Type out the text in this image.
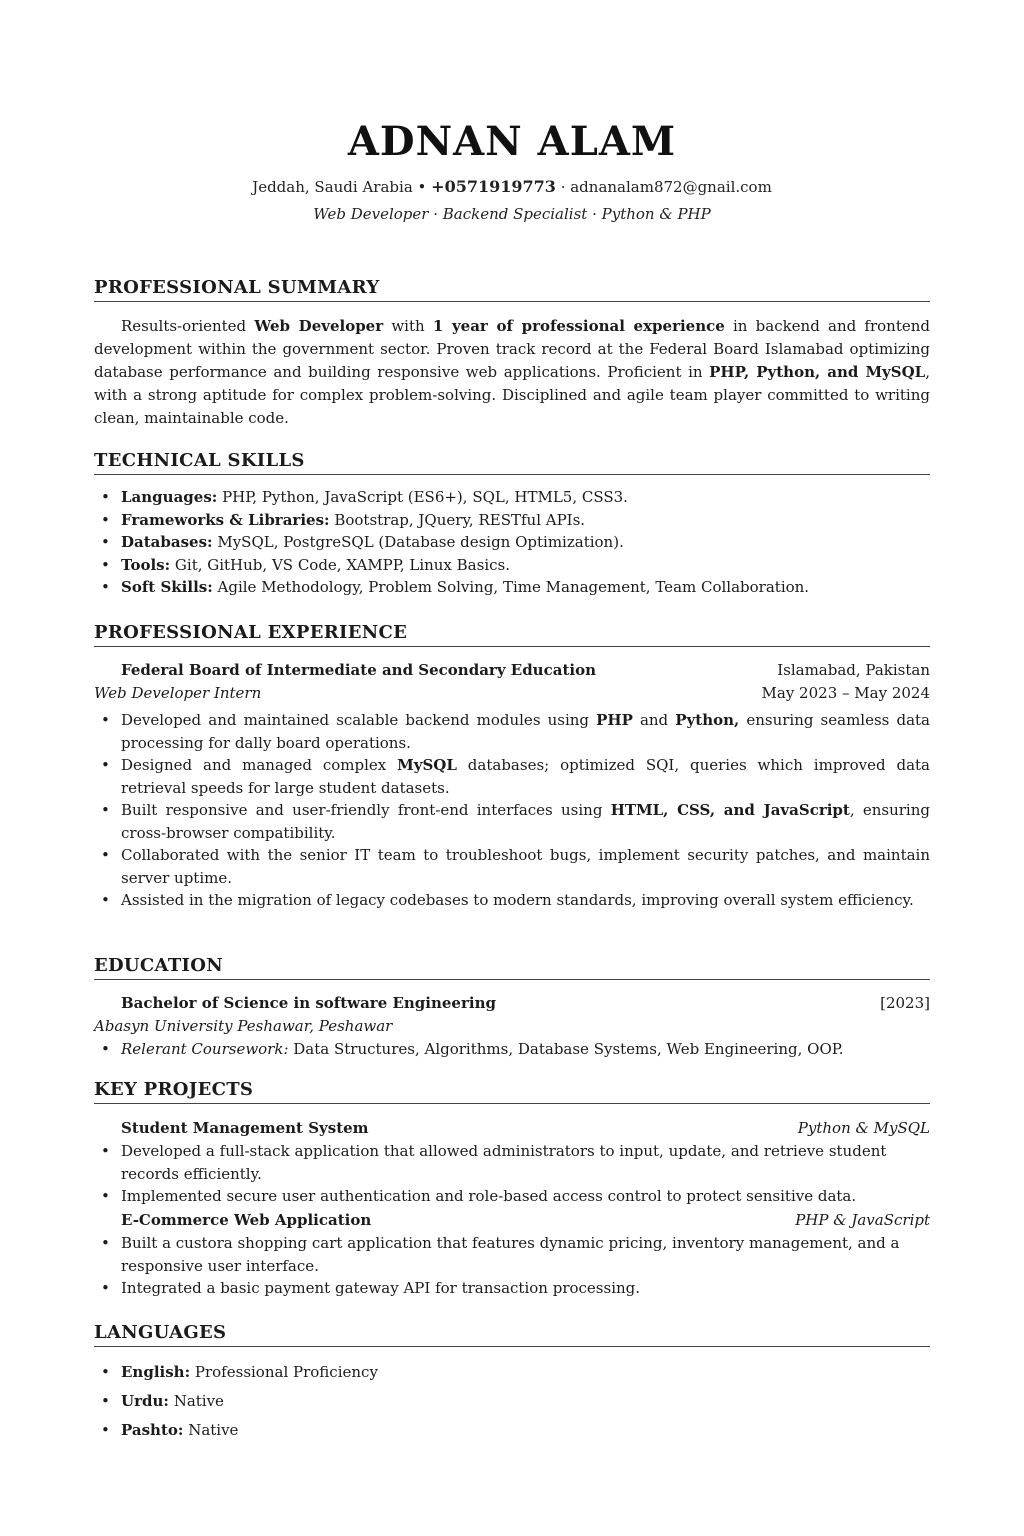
ADNAN ALAM
Jeddah, Saudi Arabia • +0571919773 · adnanalam872@gnail.com
Web Developer · Backend Specialist · Python & PHP
PROFESSIONAL SUMMARY
Results-oriented Web Developer with 1 year of professional experience in backend and frontend development within the government sector. Proven track record at the Federal Board Islamabad optimizing database performance and building responsive web applications. Proficient in PHP, Python, and MySQL, with a strong aptitude for complex problem-solving. Disciplined and agile team player committed to writing clean, maintainable code.
TECHNICAL SKILLS
• Languages: PHP, Python, JavaScript (ES6+), SQL, HTML5, CSS3.
• Frameworks & Libraries: Bootstrap, JQuery, RESTful APIs.
• Databases: MySQL, PostgreSQL (Database design Optimization).
• Tools: Git, GitHub, VS Code, XAMPP, Linux Basics.
• Soft Skills: Agile Methodology, Problem Solving, Time Management, Team Collaboration.
PROFESSIONAL EXPERIENCE
Federal Board of Intermediate and Secondary Education	Islamabad, Pakistan
Web Developer Intern	May 2023 – May 2024
• Developed and maintained scalable backend modules using PHP and Python, ensuring seamless data processing for dally board operations.
• Designed and managed complex MySQL databases; optimized SQI, queries which improved data retrieval speeds for large student datasets.
• Built responsive and user-friendly front-end interfaces using HTML, CSS, and JavaScript, ensuring cross-browser compatibility.
• Collaborated with the senior IT team to troubleshoot bugs, implement security patches, and maintain server uptime.
• Assisted in the migration of legacy codebases to modern standards, improving overall system efficiency.
EDUCATION
Bachelor of Science in software Engineering	[2023]
Abasyn University Peshawar, Peshawar
• Relerant Coursework: Data Structures, Algorithms, Database Systems, Web Engineering, OOP.
KEY PROJECTS
Student Management System	Python & MySQL
• Developed a full-stack application that allowed administrators to input, update, and retrieve student records efficiently.
• Implemented secure user authentication and role-based access control to protect sensitive data.
E-Commerce Web Application	PHP & JavaScript
• Built a custora shopping cart application that features dynamic pricing, inventory management, and a responsive user interface.
• Integrated a basic payment gateway API for transaction processing.
LANGUAGES
• English: Professional Proficiency
• Urdu: Native
• Pashto: Native
